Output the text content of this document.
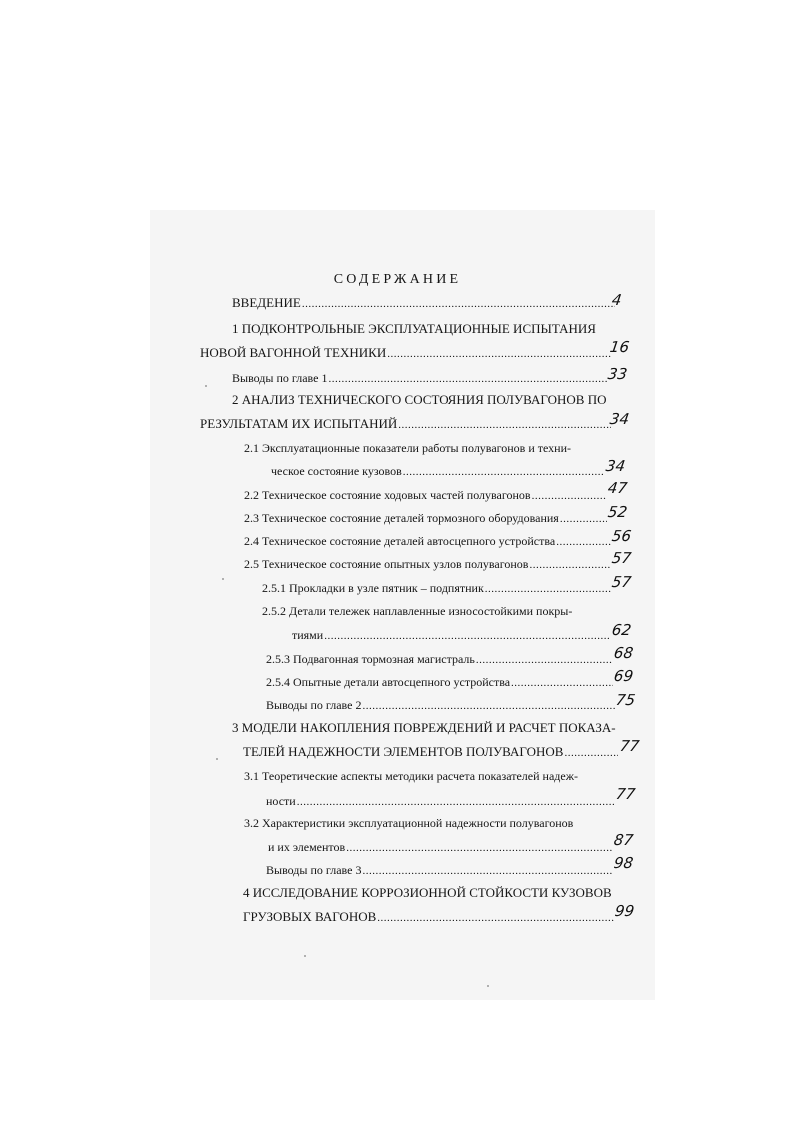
СОДЕРЖАНИЕ
ВВЕДЕНИЕ .....	4
1 ПОДКОНТРОЛЬНЫЕ ЭКСПЛУАТАЦИОННЫЕ ИСПЫТАНИЯ
НОВОЙ ВАГОННОЙ ТЕХНИКИ .....	16
Выводы по главе 1 .....	33
2 АНАЛИЗ ТЕХНИЧЕСКОГО СОСТОЯНИЯ ПОЛУВАГОНОВ ПО
РЕЗУЛЬТАТАМ ИХ ИСПЫТАНИЙ .....	34
2.1 Эксплуатационные показатели работы полувагонов и техни-
ческое состояние кузовов .....	34
2.2 Техническое состояние ходовых частей полувагонов .....	47
2.3 Техническое состояние деталей тормозного оборудования .....	52
2.4 Техническое состояние деталей автосцепного устройства .....	56
2.5 Техническое состояние опытных узлов полувагонов .....	57
2.5.1 Прокладки в узле пятник – подпятник .....	57
2.5.2 Детали тележек наплавленные износостойкими покры-
тиями .....	62
2.5.3 Подвагонная тормозная магистраль .....	68
2.5.4 Опытные детали автосцепного устройства .....	69
Выводы по главе 2 .....	75
3 МОДЕЛИ НАКОПЛЕНИЯ ПОВРЕЖДЕНИЙ И РАСЧЕТ ПОКАЗА-
ТЕЛЕЙ НАДЕЖНОСТИ ЭЛЕМЕНТОВ ПОЛУВАГОНОВ .....	77
3.1 Теоретические аспекты методики расчета показателей надеж-
ности .....	77
3.2 Характеристики эксплуатационной надежности полувагонов
и их элементов .....	87
Выводы по главе 3 .....	98
4 ИССЛЕДОВАНИЕ КОРРОЗИОННОЙ СТОЙКОСТИ КУЗОВОВ
ГРУЗОВЫХ ВАГОНОВ .....	99
